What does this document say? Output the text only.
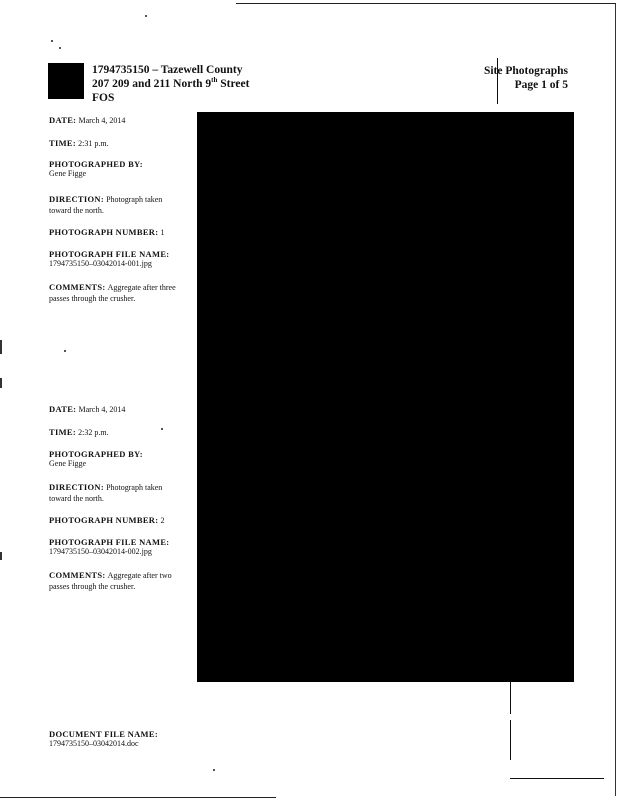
1794735150 – Tazewell County
207 209 and 211 North 9th Street
FOS
Site Photographs
Page 1 of 5
DATE: March 4, 2014
TIME: 2:31 p.m.
PHOTOGRAPHED BY:
Gene Figge
DIRECTION: Photograph taken toward the north.
PHOTOGRAPH NUMBER: 1
PHOTOGRAPH FILE NAME:
1794735150–03042014-001.jpg
COMMENTS: Aggregate after three passes through the crusher.
DATE: March 4, 2014
TIME: 2:32 p.m.
PHOTOGRAPHED BY:
Gene Figge
DIRECTION: Photograph taken toward the north.
PHOTOGRAPH NUMBER: 2
PHOTOGRAPH FILE NAME:
1794735150–03042014-002.jpg
COMMENTS: Aggregate after two passes through the crusher.
DOCUMENT FILE NAME:
1794735150–03042014.doc
